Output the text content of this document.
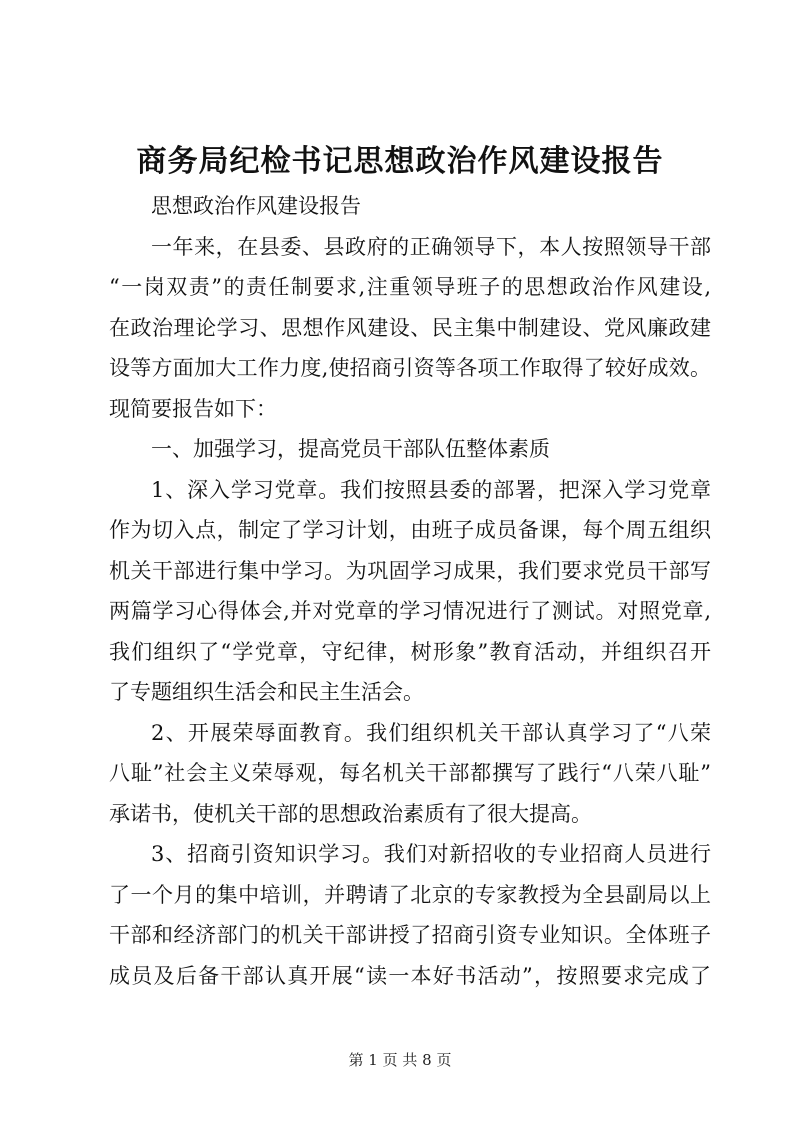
商务局纪检书记思想政治作风建设报告

思想政治作风建设报告

一年来，在县委、县政府的正确领导下，本人按照领导干部
“一岗双责”的责任制要求,注重领导班子的思想政治作风建设,
在政治理论学习、思想作风建设、民主集中制建设、党风廉政建
设等方面加大工作力度,使招商引资等各项工作取得了较好成效。
现简要报告如下：

一、加强学习，提高党员干部队伍整体素质

1、深入学习党章。我们按照县委的部署，把深入学习党章
作为切入点，制定了学习计划，由班子成员备课，每个周五组织
机关干部进行集中学习。为巩固学习成果，我们要求党员干部写
两篇学习心得体会,并对党章的学习情况进行了测试。对照党章,
我们组织了“学党章，守纪律，树形象”教育活动，并组织召开
了专题组织生活会和民主生活会。

2、开展荣辱面教育。我们组织机关干部认真学习了“八荣
八耻”社会主义荣辱观，每名机关干部都撰写了践行“八荣八耻”
承诺书，使机关干部的思想政治素质有了很大提高。

3、招商引资知识学习。我们对新招收的专业招商人员进行
了一个月的集中培训，并聘请了北京的专家教授为全县副局以上
干部和经济部门的机关干部讲授了招商引资专业知识。全体班子
成员及后备干部认真开展“读一本好书活动”，按照要求完成了

第 1 页 共 8 页
